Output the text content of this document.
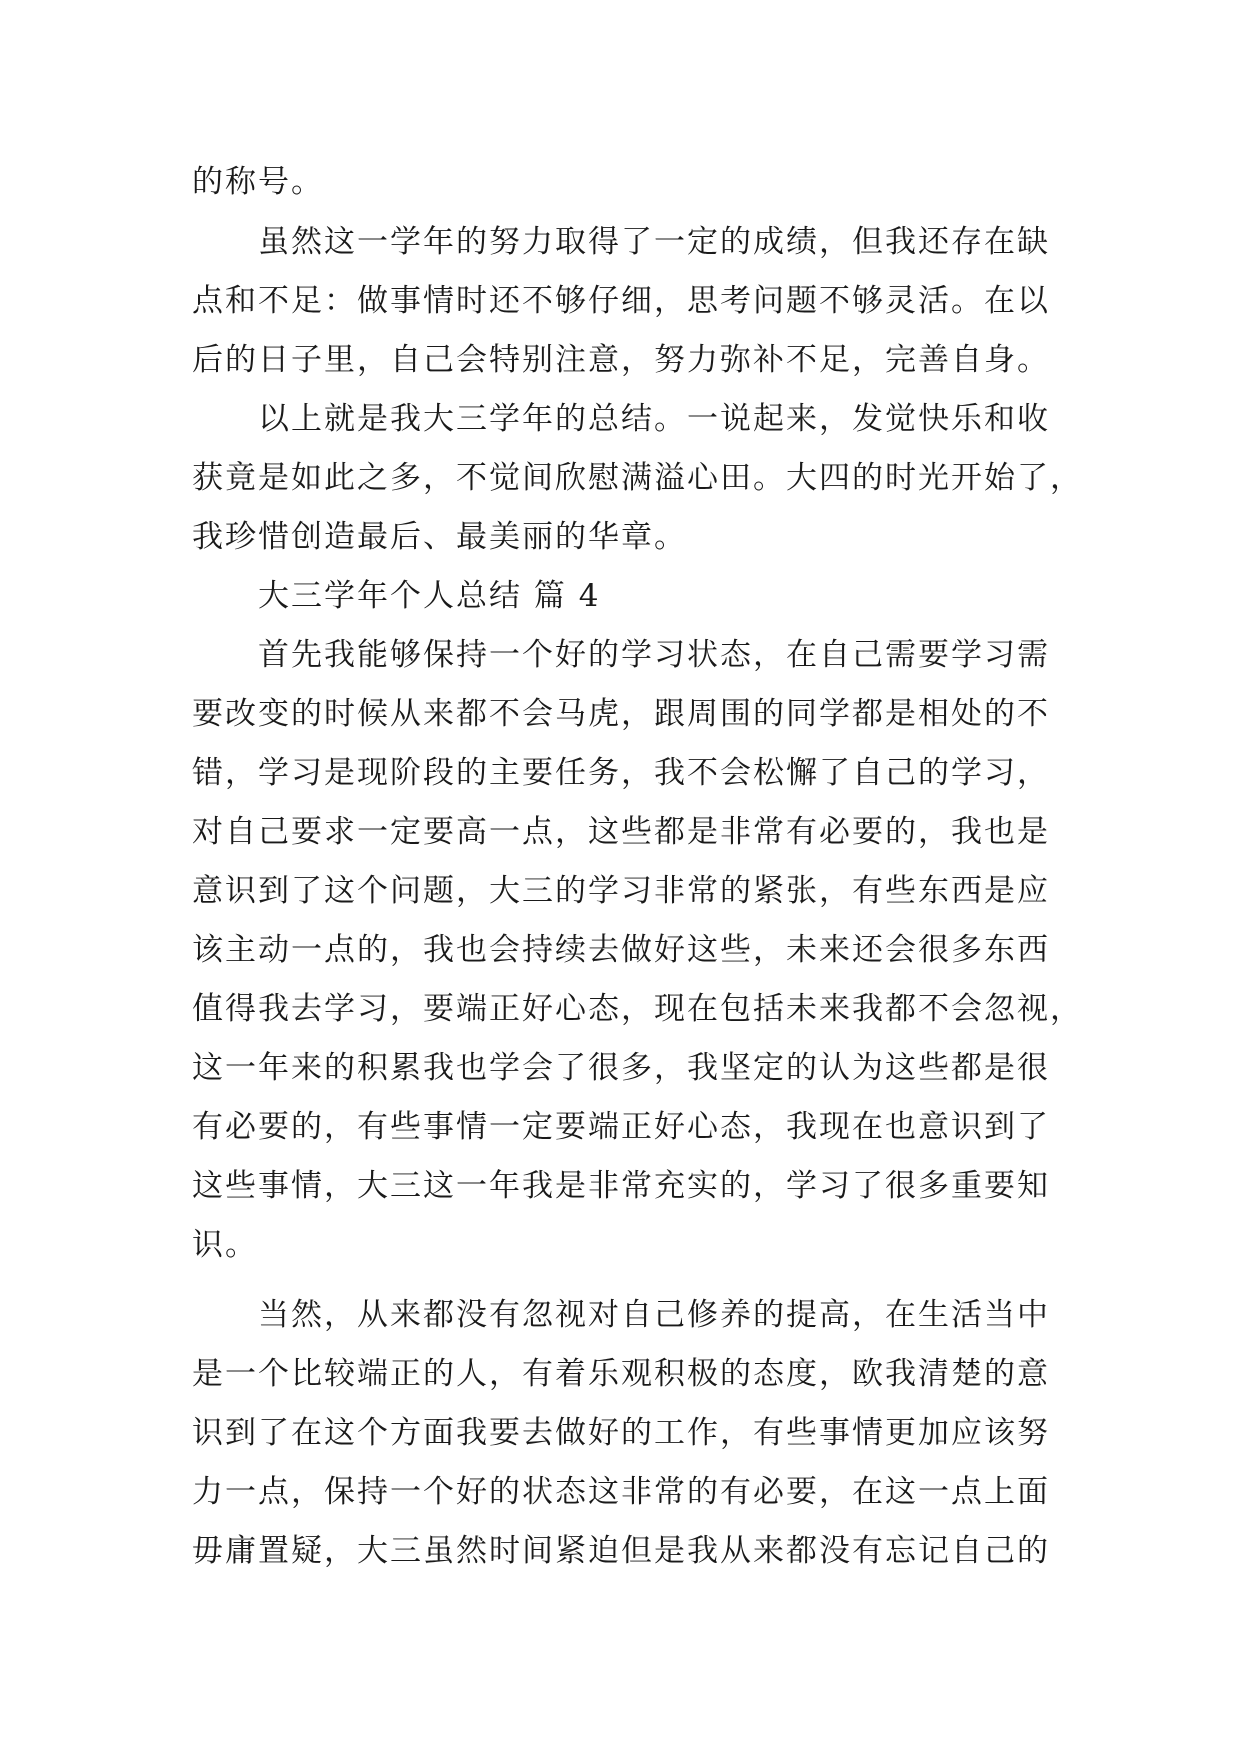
的称号。
虽然这一学年的努力取得了一定的成绩，但我还存在缺
点和不足：做事情时还不够仔细，思考问题不够灵活。在以
后的日子里，自己会特别注意，努力弥补不足，完善自身。
以上就是我大三学年的总结。一说起来，发觉快乐和收
获竟是如此之多，不觉间欣慰满溢心田。大四的时光开始了，
我珍惜创造最后、最美丽的华章。
大三学年个人总结 篇 4
首先我能够保持一个好的学习状态，在自己需要学习需
要改变的时候从来都不会马虎，跟周围的同学都是相处的不
错，学习是现阶段的主要任务，我不会松懈了自己的学习，
对自己要求一定要高一点，这些都是非常有必要的，我也是
意识到了这个问题，大三的学习非常的紧张，有些东西是应
该主动一点的，我也会持续去做好这些，未来还会很多东西
值得我去学习，要端正好心态，现在包括未来我都不会忽视，
这一年来的积累我也学会了很多，我坚定的认为这些都是很
有必要的，有些事情一定要端正好心态，我现在也意识到了
这些事情，大三这一年我是非常充实的，学习了很多重要知
识。
当然，从来都没有忽视对自己修养的提高，在生活当中
是一个比较端正的人，有着乐观积极的态度，欧我清楚的意
识到了在这个方面我要去做好的工作，有些事情更加应该努
力一点，保持一个好的状态这非常的有必要，在这一点上面
毋庸置疑，大三虽然时间紧迫但是我从来都没有忘记自己的
